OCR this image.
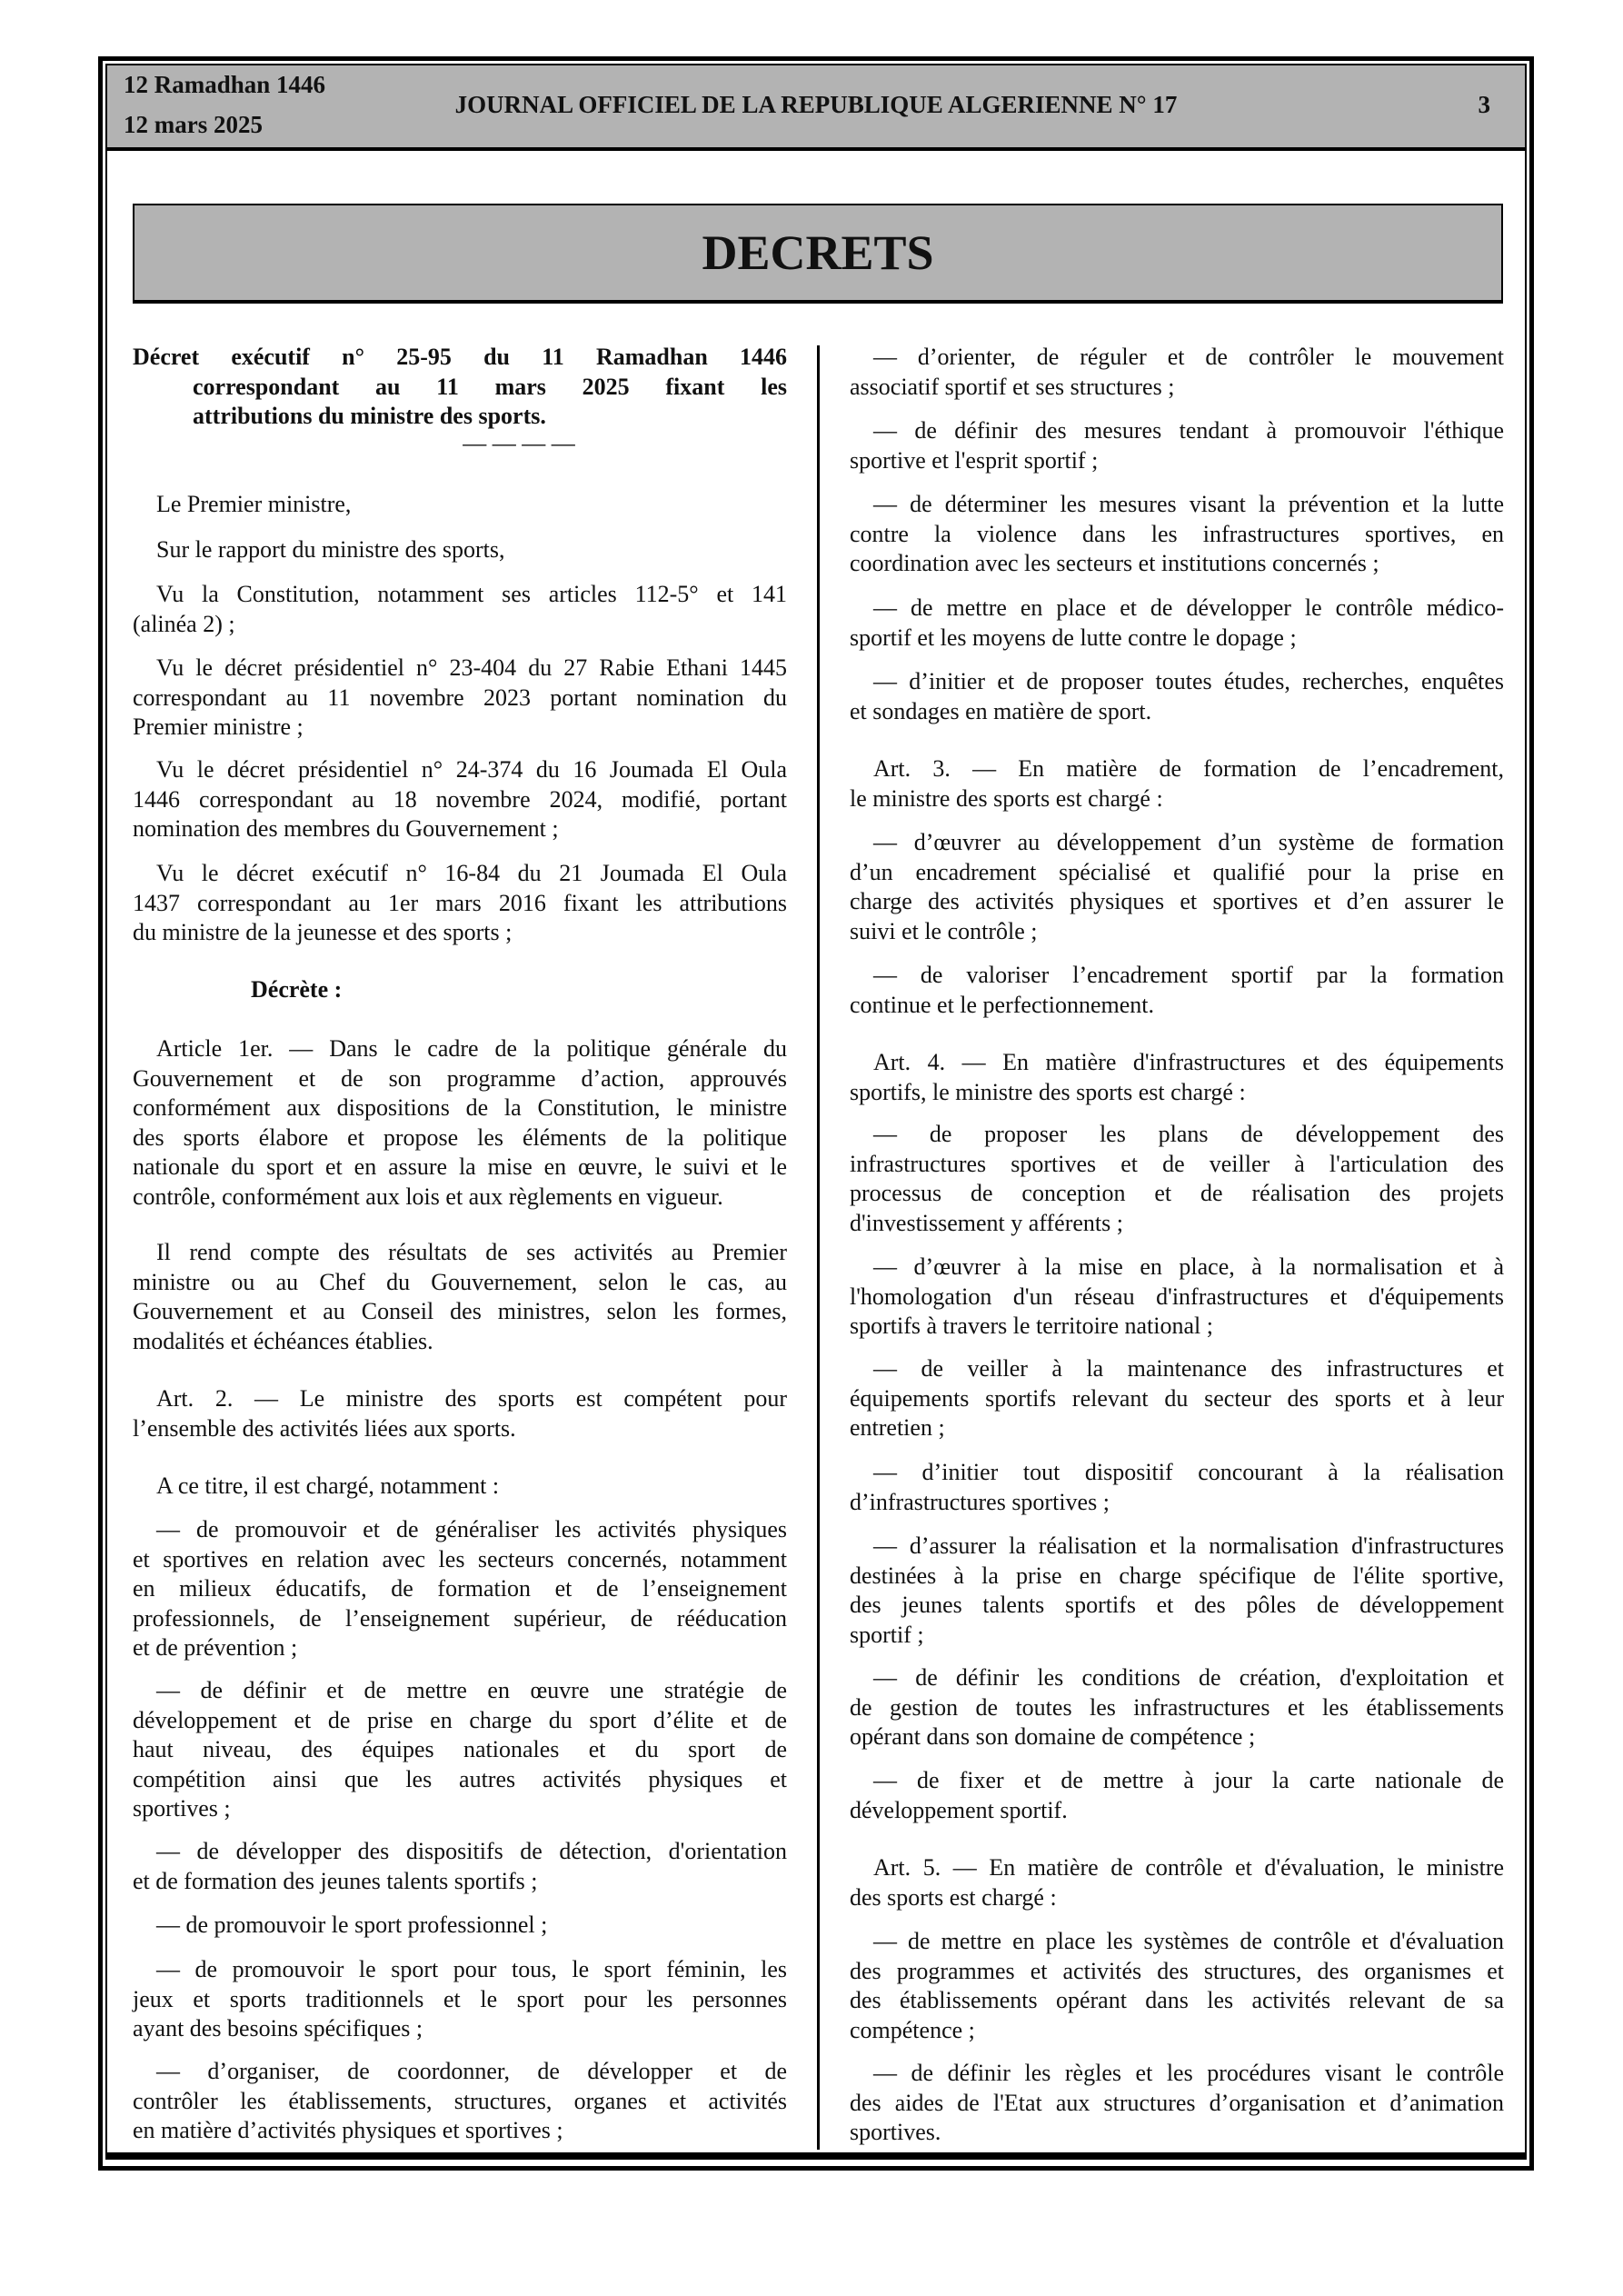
12 Ramadhan 1446
12 mars 2025
JOURNAL OFFICIEL DE LA REPUBLIQUE ALGERIENNE N° 17	3
DECRETS
Décret exécutif n° 25-95 du 11 Ramadhan 1446
correspondant au 11 mars 2025 fixant les
attributions du ministre des sports.
— — — —
Le Premier ministre,
Sur le rapport du ministre des sports,
Vu la Constitution, notamment ses articles 112-5° et 141
(alinéa 2) ;
Vu le décret présidentiel n° 23-404 du 27 Rabie Ethani 1445
correspondant au 11 novembre 2023 portant nomination du
Premier ministre ;
Vu le décret présidentiel n° 24-374 du 16 Joumada El Oula
1446 correspondant au 18 novembre 2024, modifié, portant
nomination des membres du Gouvernement ;
Vu le décret exécutif n° 16-84 du 21 Joumada El Oula
1437 correspondant au 1er mars 2016 fixant les attributions
du ministre de la jeunesse et des sports ;
Décrète :
Article 1er. — Dans le cadre de la politique générale du
Gouvernement et de son programme d’action, approuvés
conformément aux dispositions de la Constitution, le ministre
des sports élabore et propose les éléments de la politique
nationale du sport et en assure la mise en œuvre, le suivi et le
contrôle, conformément aux lois et aux règlements en vigueur.
Il rend compte des résultats de ses activités au Premier
ministre ou au Chef du Gouvernement, selon le cas, au
Gouvernement et au Conseil des ministres, selon les formes,
modalités et échéances établies.
Art. 2. — Le ministre des sports est compétent pour
l’ensemble des activités liées aux sports.
A ce titre, il est chargé, notamment :
— de promouvoir et de généraliser les activités physiques
et sportives en relation avec les secteurs concernés, notamment
en milieux éducatifs, de formation et de l’enseignement
professionnels, de l’enseignement supérieur, de rééducation
et de prévention ;
— de définir et de mettre en œuvre une stratégie de
développement et de prise en charge du sport d’élite et de
haut niveau, des équipes nationales et du sport de
compétition ainsi que les autres activités physiques et
sportives ;
— de développer des dispositifs de détection, d'orientation
et de formation des jeunes talents sportifs ;
— de promouvoir le sport professionnel ;
— de promouvoir le sport pour tous, le sport féminin, les
jeux et sports traditionnels et le sport pour les personnes
ayant des besoins spécifiques ;
— d’organiser, de coordonner, de développer et de
contrôler les établissements, structures, organes et activités
en matière d’activités physiques et sportives ;
— d’orienter, de réguler et de contrôler le mouvement
associatif sportif et ses structures ;
— de définir des mesures tendant à promouvoir l'éthique
sportive et l'esprit sportif ;
— de déterminer les mesures visant la prévention et la lutte
contre la violence dans les infrastructures sportives, en
coordination avec les secteurs et institutions concernés ;
— de mettre en place et de développer le contrôle médico-
sportif et les moyens de lutte contre le dopage ;
— d’initier et de proposer toutes études, recherches, enquêtes
et sondages en matière de sport.
Art. 3. — En matière de formation de l’encadrement,
le ministre des sports est chargé :
— d’œuvrer au développement d’un système de formation
d’un encadrement spécialisé et qualifié pour la prise en
charge des activités physiques et sportives et d’en assurer le
suivi et le contrôle ;
— de valoriser l’encadrement sportif par la formation
continue et le perfectionnement.
Art. 4. — En matière d'infrastructures et des équipements
sportifs, le ministre des sports est chargé :
— de proposer les plans de développement des
infrastructures sportives et de veiller à l'articulation des
processus de conception et de réalisation des projets
d'investissement y afférents ;
— d’œuvrer à la mise en place, à la normalisation et à
l'homologation d'un réseau d'infrastructures et d'équipements
sportifs à travers le territoire national ;
— de veiller à la maintenance des infrastructures et
équipements sportifs relevant du secteur des sports et à leur
entretien ;
— d’initier tout dispositif concourant à la réalisation
d’infrastructures sportives ;
— d’assurer la réalisation et la normalisation d'infrastructures
destinées à la prise en charge spécifique de l'élite sportive,
des jeunes talents sportifs et des pôles de développement
sportif ;
— de définir les conditions de création, d'exploitation et
de gestion de toutes les infrastructures et les établissements
opérant dans son domaine de compétence ;
— de fixer et de mettre à jour la carte nationale de
développement sportif.
Art. 5. — En matière de contrôle et d'évaluation, le ministre
des sports est chargé :
— de mettre en place les systèmes de contrôle et d'évaluation
des programmes et activités des structures, des organismes et
des établissements opérant dans les activités relevant de sa
compétence ;
— de définir les règles et les procédures visant le contrôle
des aides de l'Etat aux structures d’organisation et d’animation
sportives.
